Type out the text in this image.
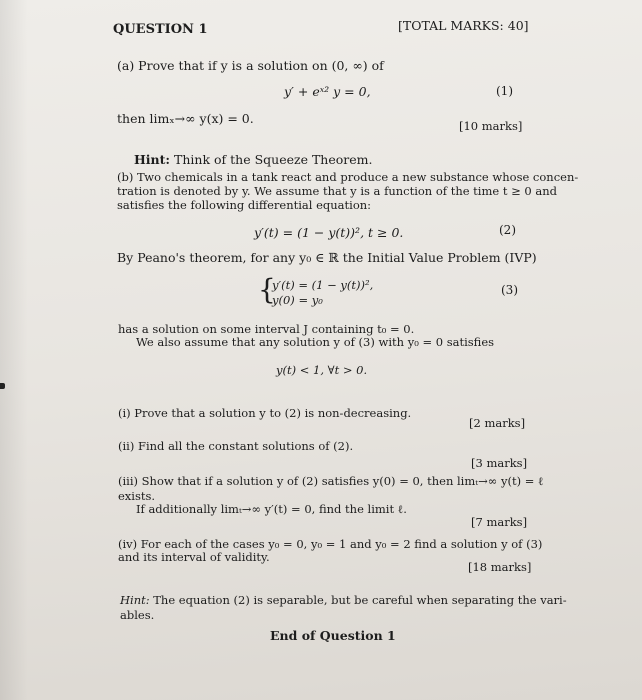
QUESTION 1	[TOTAL MARKS: 40]
(a) Prove that if y is a solution on (0, ∞) of
y′ + eˣ² y = 0,	(1)
then limₓ→∞ y(x) = 0.	[10 marks]
Hint: Think of the Squeeze Theorem.
(b) Two chemicals in a tank react and produce a new substance whose concen-
tration is denoted by y. We assume that y is a function of the time t ≥ 0 and
satisfies the following differential equation:
y′(t) = (1 − y(t))², t ≥ 0.	(2)
By Peano's theorem, for any y₀ ∈ ℝ the Initial Value Problem (IVP)
{
y′(t) = (1 − y(t))²,
y(0) = y₀
(3)
has a solution on some interval J containing t₀ = 0.
We also assume that any solution y of (3) with y₀ = 0 satisfies
y(t) < 1, ∀t > 0.
(i) Prove that a solution y to (2) is non-decreasing.
[2 marks]
(ii) Find all the constant solutions of (2).
[3 marks]
(iii) Show that if a solution y of (2) satisfies y(0) = 0, then limₜ→∞ y(t) = ℓ
exists.
If additionally limₜ→∞ y′(t) = 0, find the limit ℓ.
[7 marks]
(iv) For each of the cases y₀ = 0, y₀ = 1 and y₀ = 2 find a solution y of (3)
and its interval of validity.
[18 marks]
Hint: The equation (2) is separable, but be careful when separating the vari-
ables.
End of Question 1
